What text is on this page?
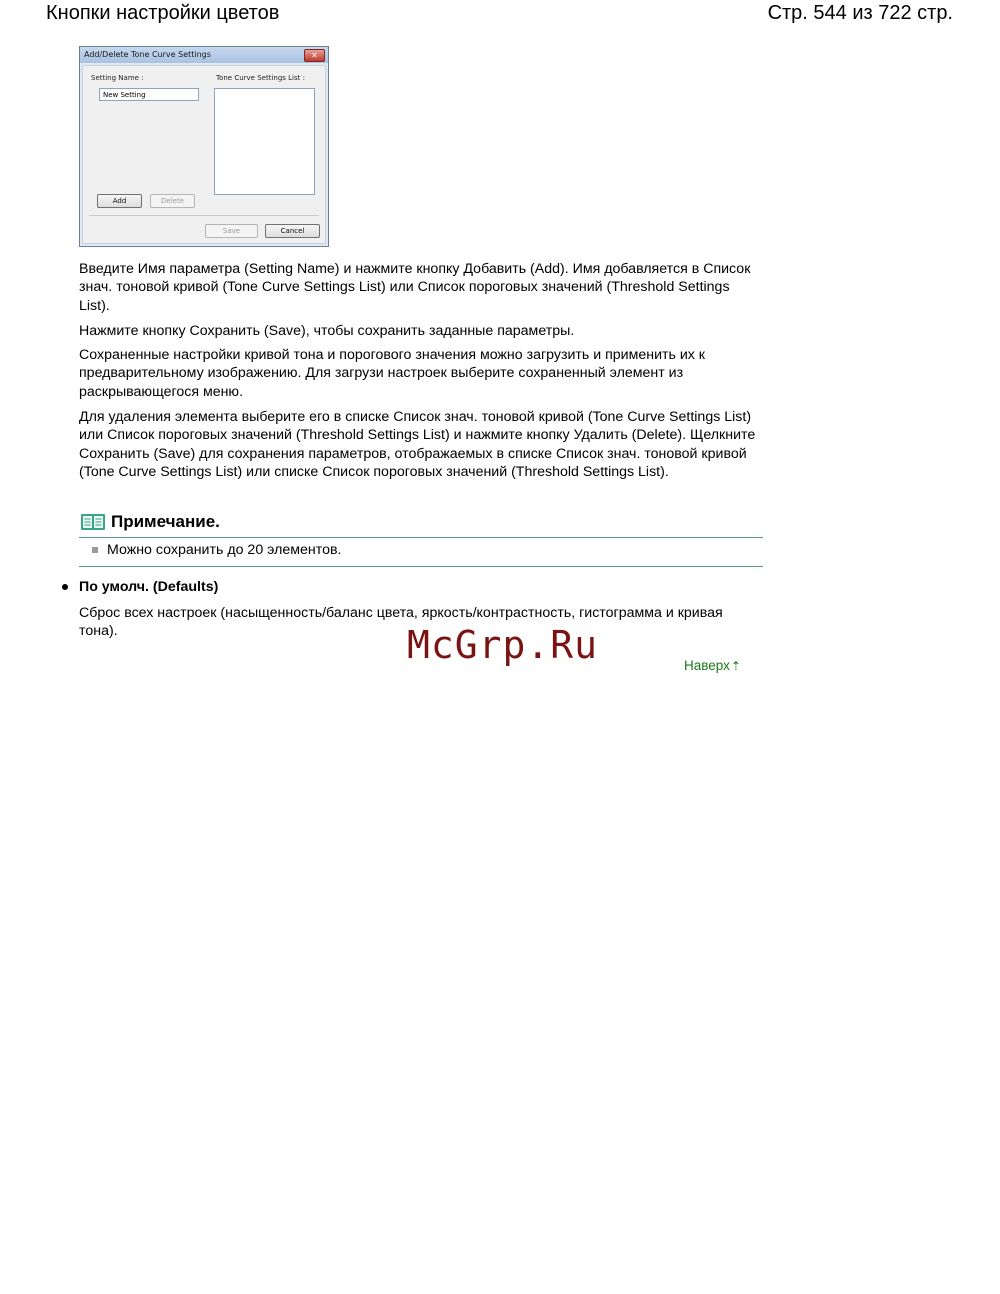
Кнопки настройки цветов	Стр. 544 из 722 стр.
Add/Delete Tone Curve Settings	✕
Setting Name :
New Setting
Tone Curve Settings List :
Add	Delete
Save	Cancel

Введите Имя параметра (Setting Name) и нажмите кнопку Добавить (Add). Имя добавляется в Список знач. тоновой кривой (Tone Curve Settings List) или Список пороговых значений (Threshold Settings List).

Нажмите кнопку Сохранить (Save), чтобы сохранить заданные параметры.

Сохраненные настройки кривой тона и порогового значения можно загрузить и применить их к предварительному изображению. Для загрузи настроек выберите сохраненный элемент из раскрывающегося меню.

Для удаления элемента выберите его в списке Список знач. тоновой кривой (Tone Curve Settings List) или Список пороговых значений (Threshold Settings List) и нажмите кнопку Удалить (Delete). Щелкните Сохранить (Save) для сохранения параметров, отображаемых в списке Список знач. тоновой кривой (Tone Curve Settings List) или списке Список пороговых значений (Threshold Settings List).

Примечание.
Можно сохранить до 20 элементов.
По умолч. (Defaults)

Сброс всех настроек (насыщенность/баланс цвета, яркость/контрастность, гистограмма и кривая тона).	McGrp.Ru	Наверх ⇡
